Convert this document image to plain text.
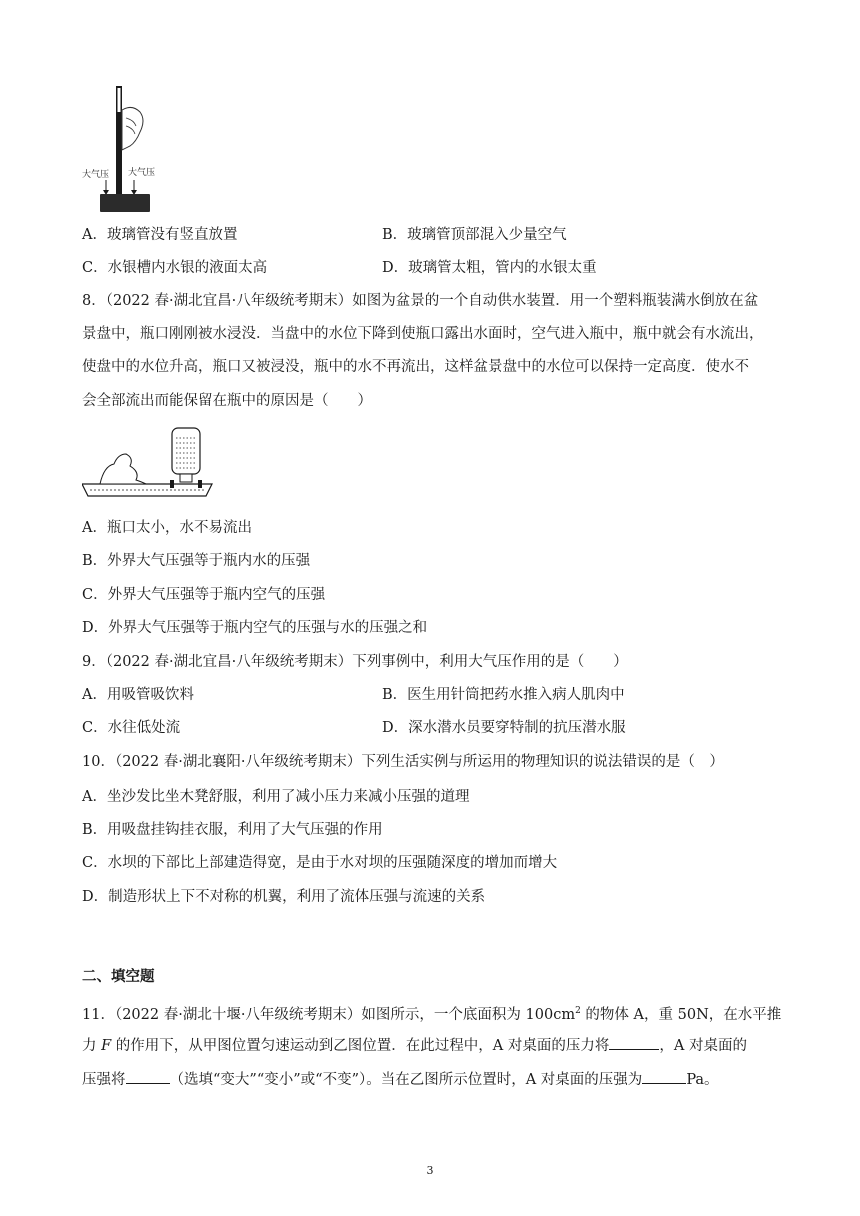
大气压 大气压
A．玻璃管没有竖直放置	B．玻璃管顶部混入少量空气
C．水银槽内水银的液面太高	D．玻璃管太粗，管内的水银太重
8．（2022 春·湖北宜昌·八年级统考期末）如图为盆景的一个自动供水装置．用一个塑料瓶装满水倒放在盆
景盘中，瓶口刚刚被水浸没．当盘中的水位下降到使瓶口露出水面时，空气进入瓶中，瓶中就会有水流出，
使盘中的水位升高，瓶口又被浸没，瓶中的水不再流出，这样盆景盘中的水位可以保持一定高度．使水不
会全部流出而能保留在瓶中的原因是（　　）
A．瓶口太小，水不易流出
B．外界大气压强等于瓶内水的压强
C．外界大气压强等于瓶内空气的压强
D．外界大气压强等于瓶内空气的压强与水的压强之和
9．（2022 春·湖北宜昌·八年级统考期末）下列事例中，利用大气压作用的是（　　）
A．用吸管吸饮料	B．医生用针筒把药水推入病人肌肉中
C．水往低处流	D．深水潜水员要穿特制的抗压潜水服
10．（2022 春·湖北襄阳·八年级统考期末）下列生活实例与所运用的物理知识的说法错误的是（　）
A．坐沙发比坐木凳舒服，利用了减小压力来减小压强的道理
B．用吸盘挂钩挂衣服，利用了大气压强的作用
C．水坝的下部比上部建造得宽，是由于水对坝的压强随深度的增加而增大
D．制造形状上下不对称的机翼，利用了流体压强与流速的关系
二、填空题
11．（2022 春·湖北十堰·八年级统考期末）如图所示，一个底面积为 $100cm^2$ 的物体 A，重 50N，在水平推
力 F 的作用下，从甲图位置匀速运动到乙图位置．在此过程中，A 对桌面的压力将	，A 对桌面的
压强将	（选填“变大”“变小”或“不变”）。当在乙图所示位置时，A 对桌面的压强为	Pa。
3
